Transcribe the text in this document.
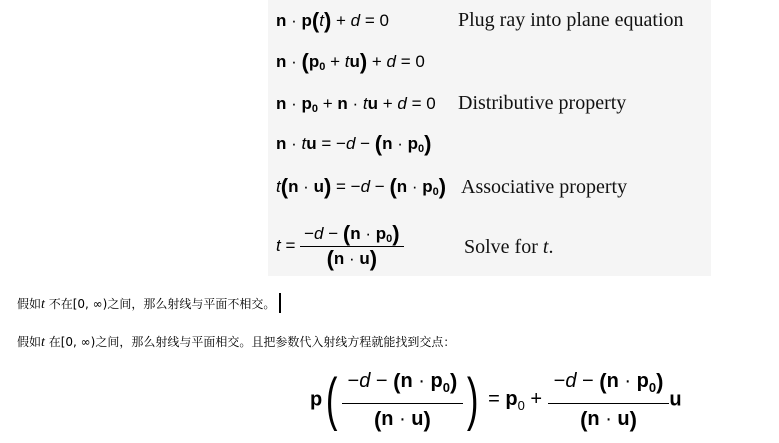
n · p(t) + d = 0	Plug ray into plane equation
$n \cdot (p_0 + tu) + d = 0$
$n \cdot p_0 + n$ · tu + d = 0 Distributive property
n · tu = $-d - (n \cdot p_0)$
$t(n \cdot u) = -d - (n \cdot p_0)$ Associative property
$t = \frac{-d - (n \cdot p_0)}{(n \cdot u)}$	Solve for t.
假如t 不在[0, ∞)之间，那么射线与平面不相交。
假如t 在[0, ∞)之间，那么射线与平面相交。且把参数代入射线方程就能找到交点：
$p( \frac{-d - (n \cdot p_0)}{(n \cdot u)}$ ) = $p_0 + \frac{-d - (n \cdot p_0)}{(n \cdot u)}$ u
